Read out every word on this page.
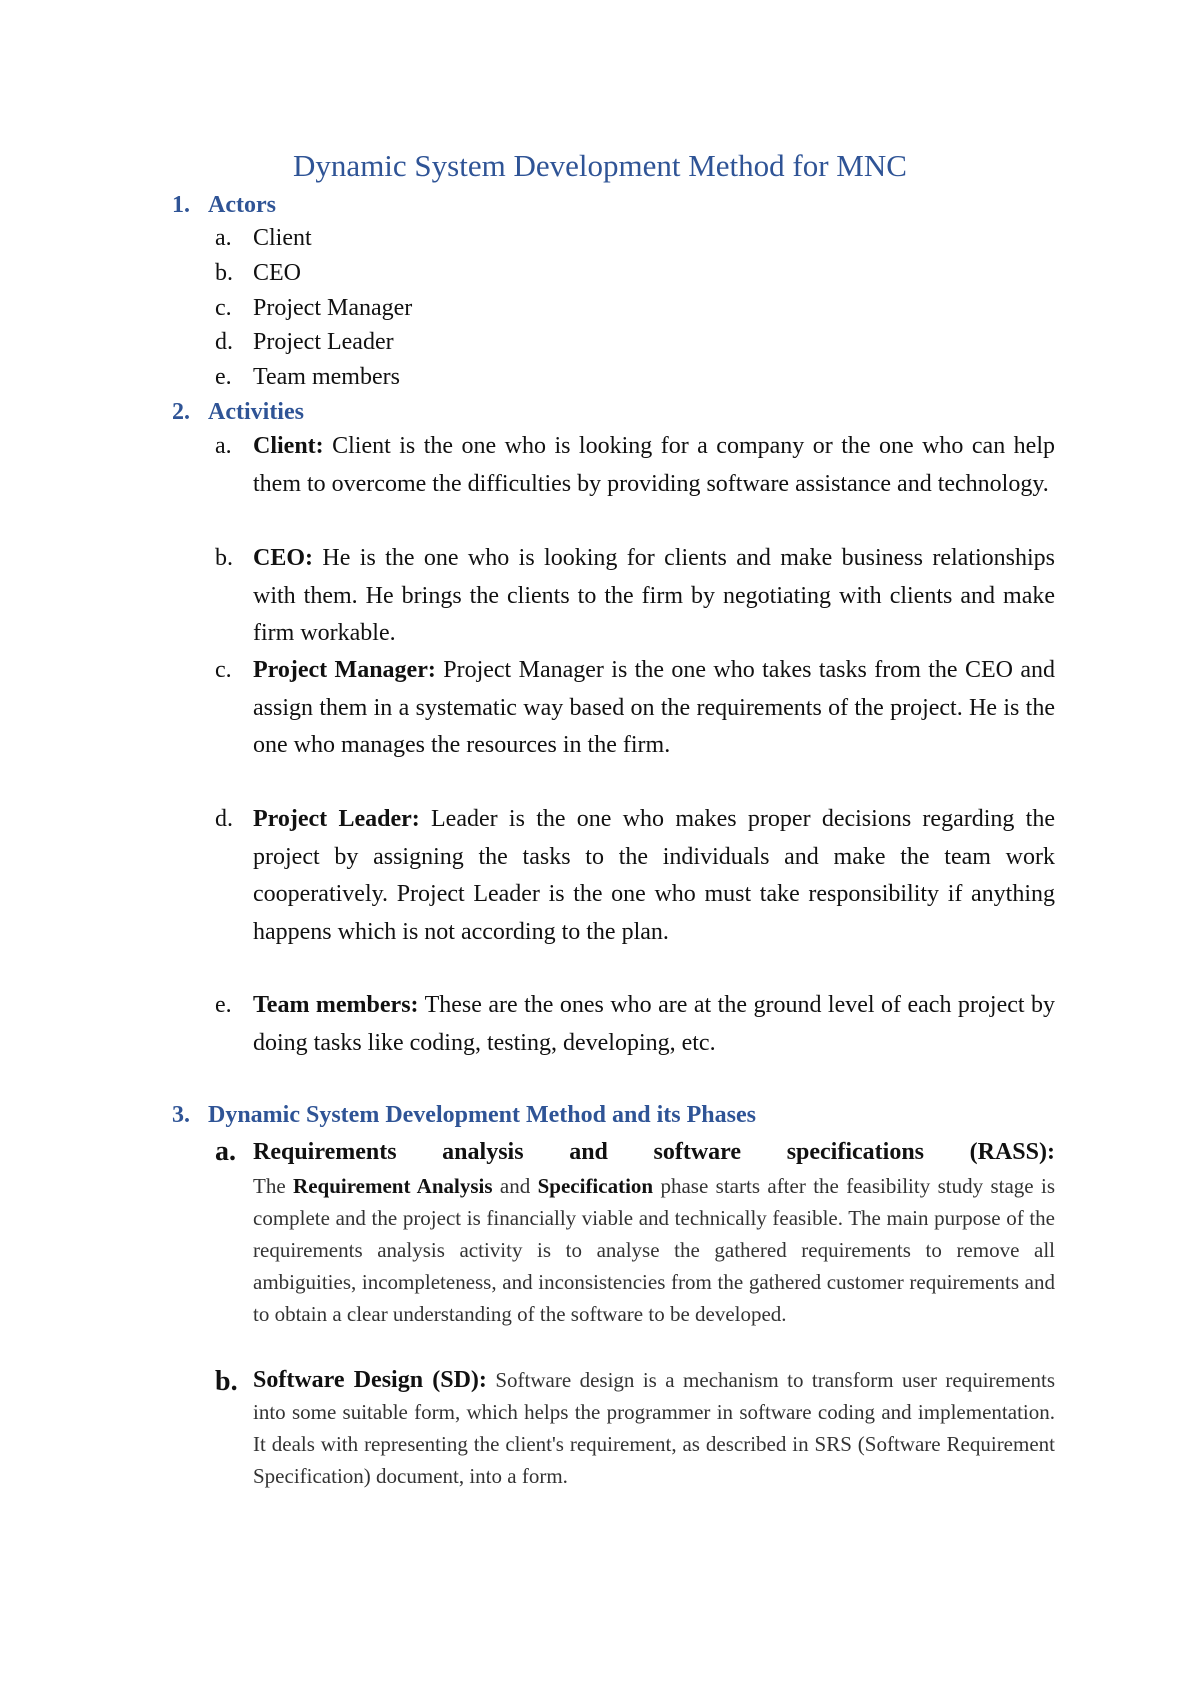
Dynamic System Development Method for MNC
1. Actors
a. Client
b. CEO
c. Project Manager
d. Project Leader
e. Team members
2. Activities
a. Client: Client is the one who is looking for a company or the one who can help them to overcome the difficulties by providing software assistance and technology.
b. CEO: He is the one who is looking for clients and make business relationships with them. He brings the clients to the firm by negotiating with clients and make firm workable.
c. Project Manager: Project Manager is the one who takes tasks from the CEO and assign them in a systematic way based on the requirements of the project. He is the one who manages the resources in the firm.
d. Project Leader: Leader is the one who makes proper decisions regarding the project by assigning the tasks to the individuals and make the team work cooperatively. Project Leader is the one who must take responsibility if anything happens which is not according to the plan.
e. Team members: These are the ones who are at the ground level of each project by doing tasks like coding, testing, developing, etc.
3. Dynamic System Development Method and its Phases
a. Requirements analysis and software specifications (RASS):
The Requirement Analysis and Specification phase starts after the feasibility study stage is complete and the project is financially viable and technically feasible. The main purpose of the requirements analysis activity is to analyse the gathered requirements to remove all ambiguities, incompleteness, and inconsistencies from the gathered customer requirements and to obtain a clear understanding of the software to be developed.
b. Software Design (SD): Software design is a mechanism to transform user requirements into some suitable form, which helps the programmer in software coding and implementation. It deals with representing the client's requirement, as described in SRS (Software Requirement Specification) document, into a form.
